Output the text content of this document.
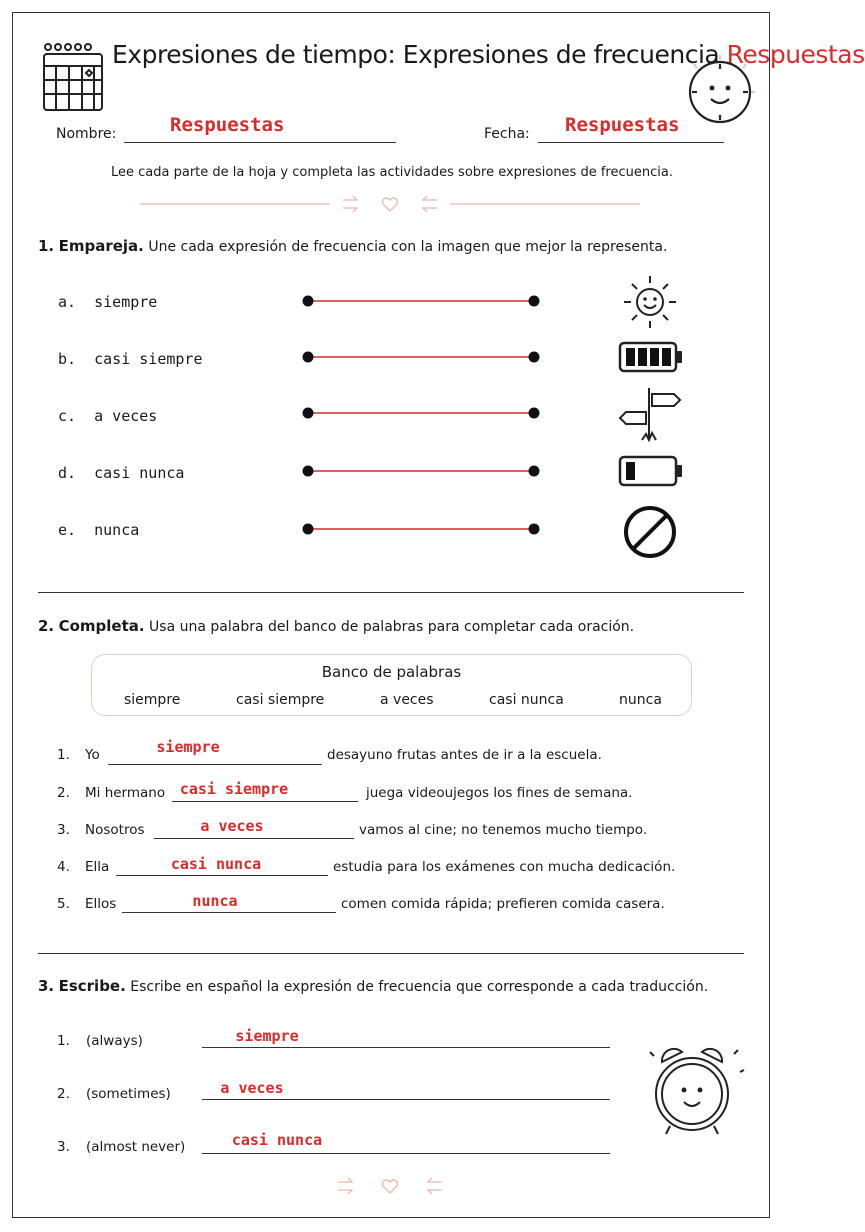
Expresiones de tiempo: Expresiones de frecuencia Respuestas
Nombre:	Respuestas	Fecha: Respuestas
Lee cada parte de la hoja y completa las actividades sobre expresiones de frecuencia.
1. Empareja. Une cada expresión de frecuencia con la imagen que mejor la representa.
a. siempre
b. casi siempre
c. a veces
d. casi nunca
e. nunca
2. Completa. Usa una palabra del banco de palabras para completar cada oración.
Banco de palabras
siempre	casi siempre	a veces	casi nunca	nunca
1. Yo	siempre	desayuno frutas antes de ir a la escuela.
2. Mi hermano casi siempre	juega videoujegos los fines de semana.
3. Nosotros	a veces	vamos al cine; no tenemos mucho tiempo.
4. Ella	casi nunca	estudia para los exámenes con mucha dedicación.
5. Ellos	nunca	comen comida rápida; prefieren comida casera.
3. Escribe. Escribe en español la expresión de frecuencia que corresponde a cada traducción.
1. (always)	siempre
2. (sometimes)	a veces
3. (almost never)	casi nunca
